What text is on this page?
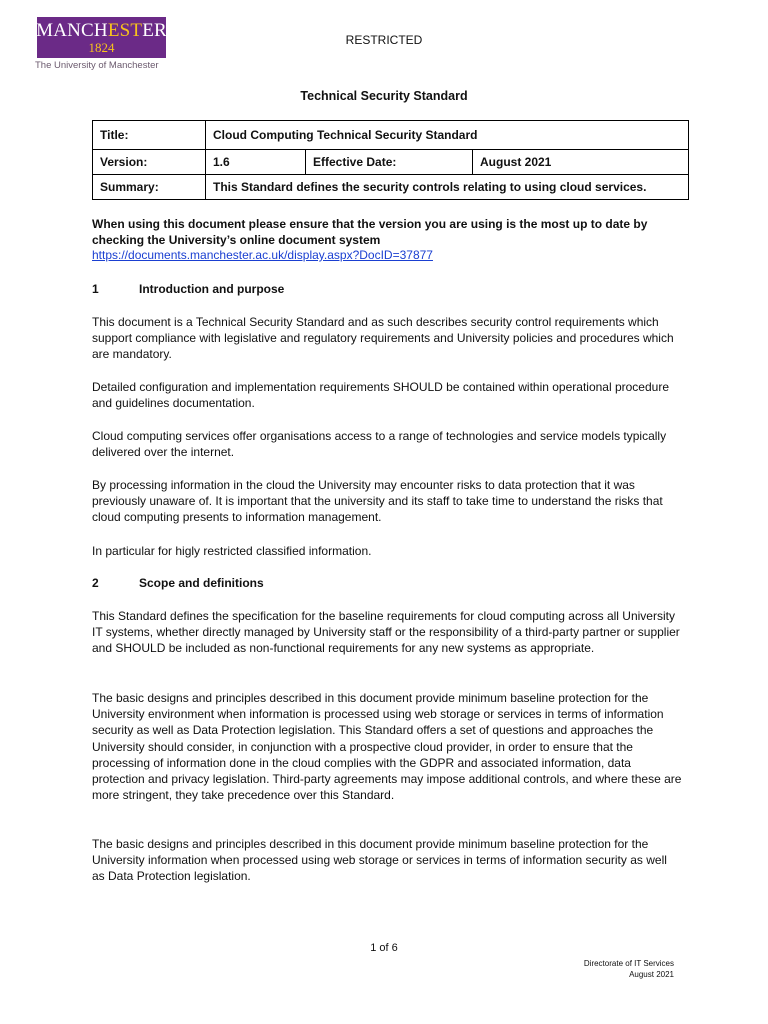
MANCHESTER
1824
The University of Manchester
RESTRICTED
Technical Security Standard
Title:	Cloud Computing Technical Security Standard		
Version:	1.6	Effective Date:	August 2021
Summary:	This Standard defines the security controls relating to using cloud services.		
When using this document please ensure that the version you are using is the most up to date by checking the University’s online document system
https://documents.manchester.ac.uk/display.aspx?DocID=37877
1	Introduction and purpose

This document is a Technical Security Standard and as such describes security control requirements which support compliance with legislative and regulatory requirements and University policies and procedures which are mandatory.

Detailed configuration and implementation requirements SHOULD be contained within operational procedure and guidelines documentation.

Cloud computing services offer organisations access to a range of technologies and service models typically delivered over the internet.

By processing information in the cloud the University may encounter risks to data protection that it was previously unaware of. It is important that the university and its staff to take time to understand the risks that cloud computing presents to information management.

In particular for higly restricted classified information.

2	Scope and definitions

This Standard defines the specification for the baseline requirements for cloud computing across all University IT systems, whether directly managed by University staff or the responsibility of a third-party partner or supplier and SHOULD be included as non-functional requirements for any new systems as appropriate.

The basic designs and principles described in this document provide minimum baseline protection for the University environment when information is processed using web storage or services in terms of information security as well as Data Protection legislation. This Standard offers a set of questions and approaches the University should consider, in conjunction with a prospective cloud provider, in order to ensure that the processing of information done in the cloud complies with the GDPR and associated information, data protection and privacy legislation. Third-party agreements may impose additional controls, and where these are more stringent, they take precedence over this Standard.

The basic designs and principles described in this document provide minimum baseline protection for the University information when processed using web storage or services in terms of information security as well as Data Protection legislation.

1 of 6
Directorate of IT Services
August 2021
